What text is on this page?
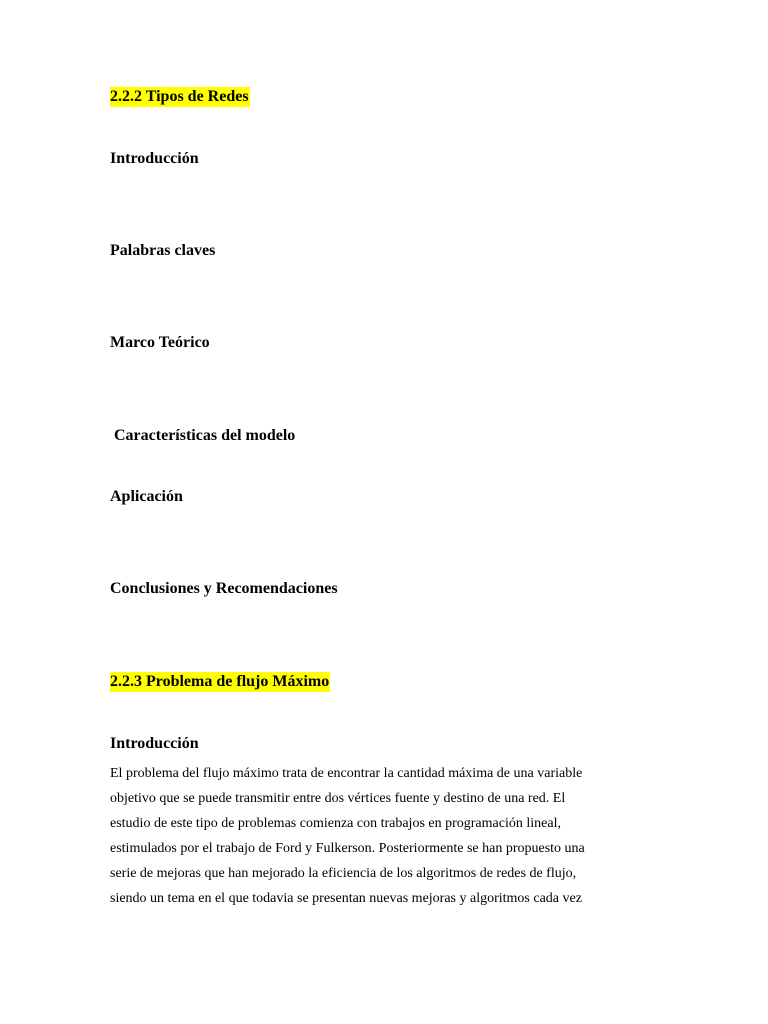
2.2.2 Tipos de Redes
Introducción
Palabras claves
Marco Teórico
Características del modelo
Aplicación
Conclusiones y Recomendaciones
2.2.3 Problema de flujo Máximo
Introducción
El problema del flujo máximo trata de encontrar la cantidad máxima de una variable
objetivo que se puede transmitir entre dos vértices fuente y destino de una red. El
estudio de este tipo de problemas comienza con trabajos en programación lineal,
estimulados por el trabajo de Ford y Fulkerson. Posteriormente se han propuesto una
serie de mejoras que han mejorado la eficiencia de los algoritmos de redes de flujo,
siendo un tema en el que todavia se presentan nuevas mejoras y algoritmos cada vez
